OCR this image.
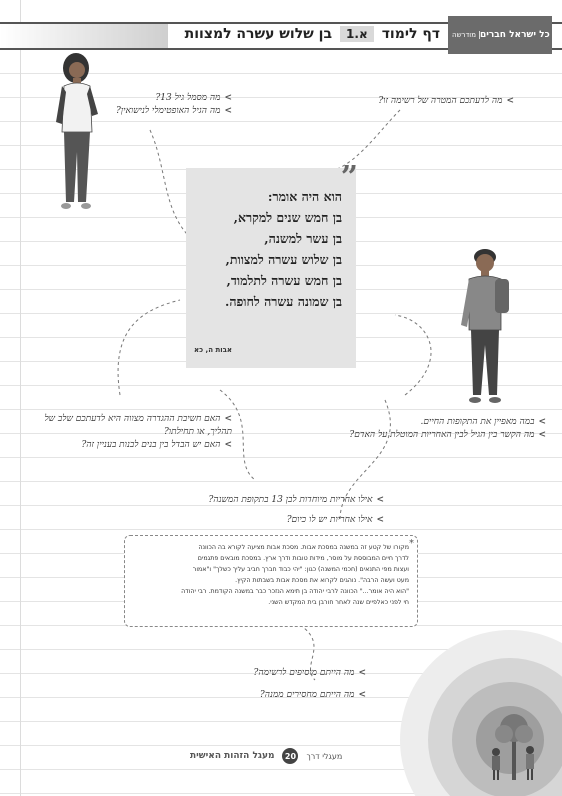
מודרשה כל ישראל חברים
דף לימוד
א.1
בן שלוש עשרה למצוות
>מה מסמל גיל 13?
>מה הגיל האופטימלי לנישואין?
>מה לדעתכם המטרה של רשימה זו?
>במה מאפיין את התקופות החיים.
>מה הקשר בין הגיל לבין האחריות המוטלת על האדם?
>האם חשיבת ההגדרה מצווה היא לדעתכם שלב של תהליך, או תחילתו?
>האם יש הבדל בין בנים לבנות בעניין זה?
>אילו אחריות מיוחדות לבן 13 בתקופת המשנה?
>אילו אחריות יש לו כיום?
>מה הייתם מוסיפים לרשימה?
>מה הייתם מחסירים ממנה?
”
הוא היה אומר:
בן חמש שנים למקרא,
בן עשר למשנה,
בן שלוש עשרה למצוות,
בן חמש עשרה לתלמוד,
בן שמונה עשרה לחופה.
אבות ה, כא
*

מקורו של קטע זה במשנה במסכת אבות. מסכת אבות מציעה לקורא בה הכוונה

לדרך חיים המבוססת על מוסר, מידות טובות ודרך ארץ. במסכת מובאים פתגמים

ועצות מפי התנאים (חכמי המשנה) כגון: "יהי כבוד חברך חביב עליך כשלך" ו"אמור

מעט ועשה הרבה". נוהגים לקרוא את מסכת אבות בשבתות הקיץ.

"הוא היה אומר..." הכוונה לרבי יהודה בן תימא הנזכר כבר במשנה הקודמת. רבי יהודה

חי לפני כאלפיים שנה לאחר חורבן בית המקדש השני.

מעגלי דרך
20
מעגל הזהות האישית
